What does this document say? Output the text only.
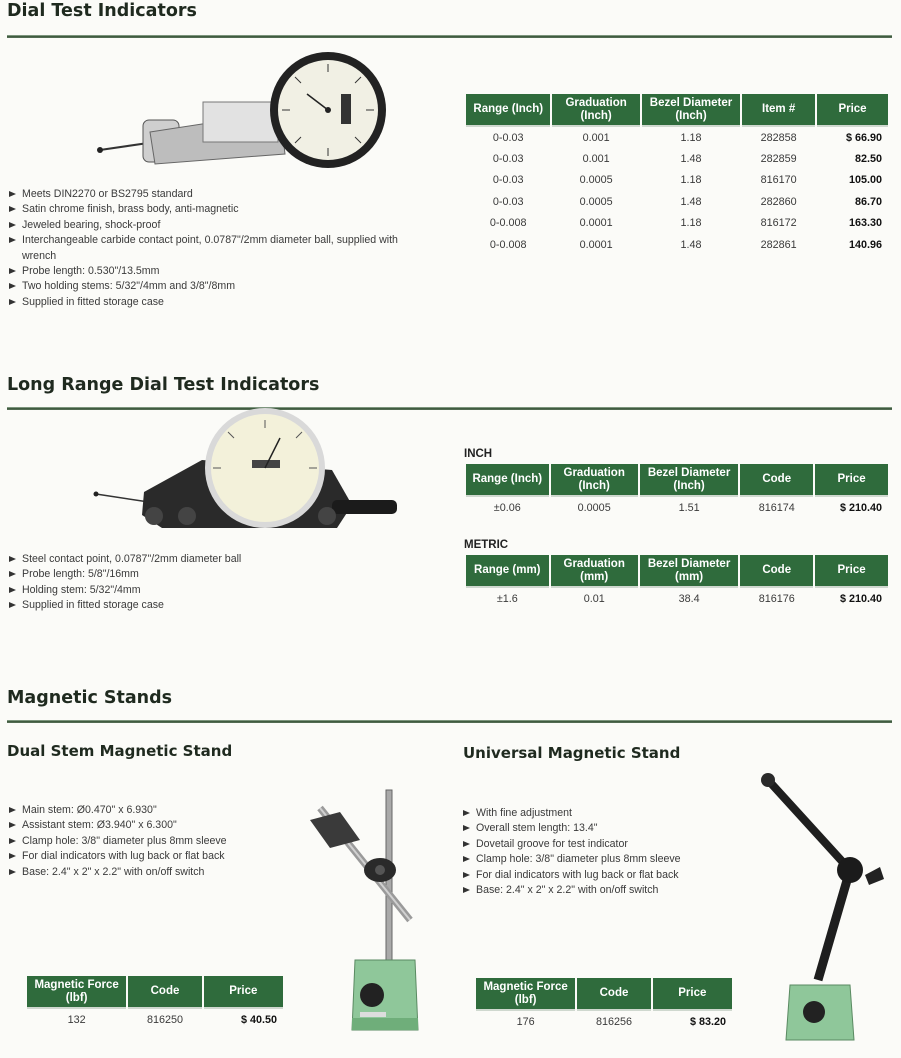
Dial Test Indicators
Meets DIN2270 or BS2795 standard
Satin chrome finish, brass body, anti-magnetic
Jeweled bearing, shock-proof
Interchangeable carbide contact point, 0.0787"/2mm diameter ball, supplied with wrench
Probe length: 0.530"/13.5mm
Two holding stems: 5/32"/4mm and 3/8"/8mm
Supplied in fitted storage case
Range (Inch)	Graduation (Inch)	Bezel Diameter (Inch)	Item #	Price
0-0.03	0.001	1.18	282858	$ 66.90
0-0.03	0.001	1.48	282859	82.50
0-0.03	0.0005	1.18	816170	105.00
0-0.03	0.0005	1.48	282860	86.70
0-0.008	0.0001	1.18	816172	163.30
0-0.008	0.0001	1.48	282861	140.96
Long Range Dial Test Indicators
Steel contact point, 0.0787"/2mm diameter ball
Probe length: 5/8"/16mm
Holding stem: 5/32"/4mm
Supplied in fitted storage case
INCH
Range (Inch)	Graduation (Inch)	Bezel Diameter (Inch)	Code	Price
±0.06	0.0005	1.51	816174	$ 210.40
METRIC
Range (mm)	Graduation (mm)	Bezel Diameter (mm)	Code	Price
±1.6	0.01	38.4	816176	$ 210.40
Magnetic Stands
Dual Stem Magnetic Stand
Main stem: Ø0.470" x 6.930"
Assistant stem: Ø3.940" x 6.300"
Clamp hole: 3/8" diameter plus 8mm sleeve
For dial indicators with lug back or flat back
Base: 2.4" x 2" x 2.2" with on/off switch
Magnetic Force (lbf)	Code	Price
132	816250	$ 40.50
Universal Magnetic Stand
With fine adjustment
Overall stem length: 13.4"
Dovetail groove for test indicator
Clamp hole: 3/8" diameter plus 8mm sleeve
For dial indicators with lug back or flat back
Base: 2.4" x 2" x 2.2" with on/off switch
Magnetic Force (lbf)	Code	Price
176	816256	$ 83.20
